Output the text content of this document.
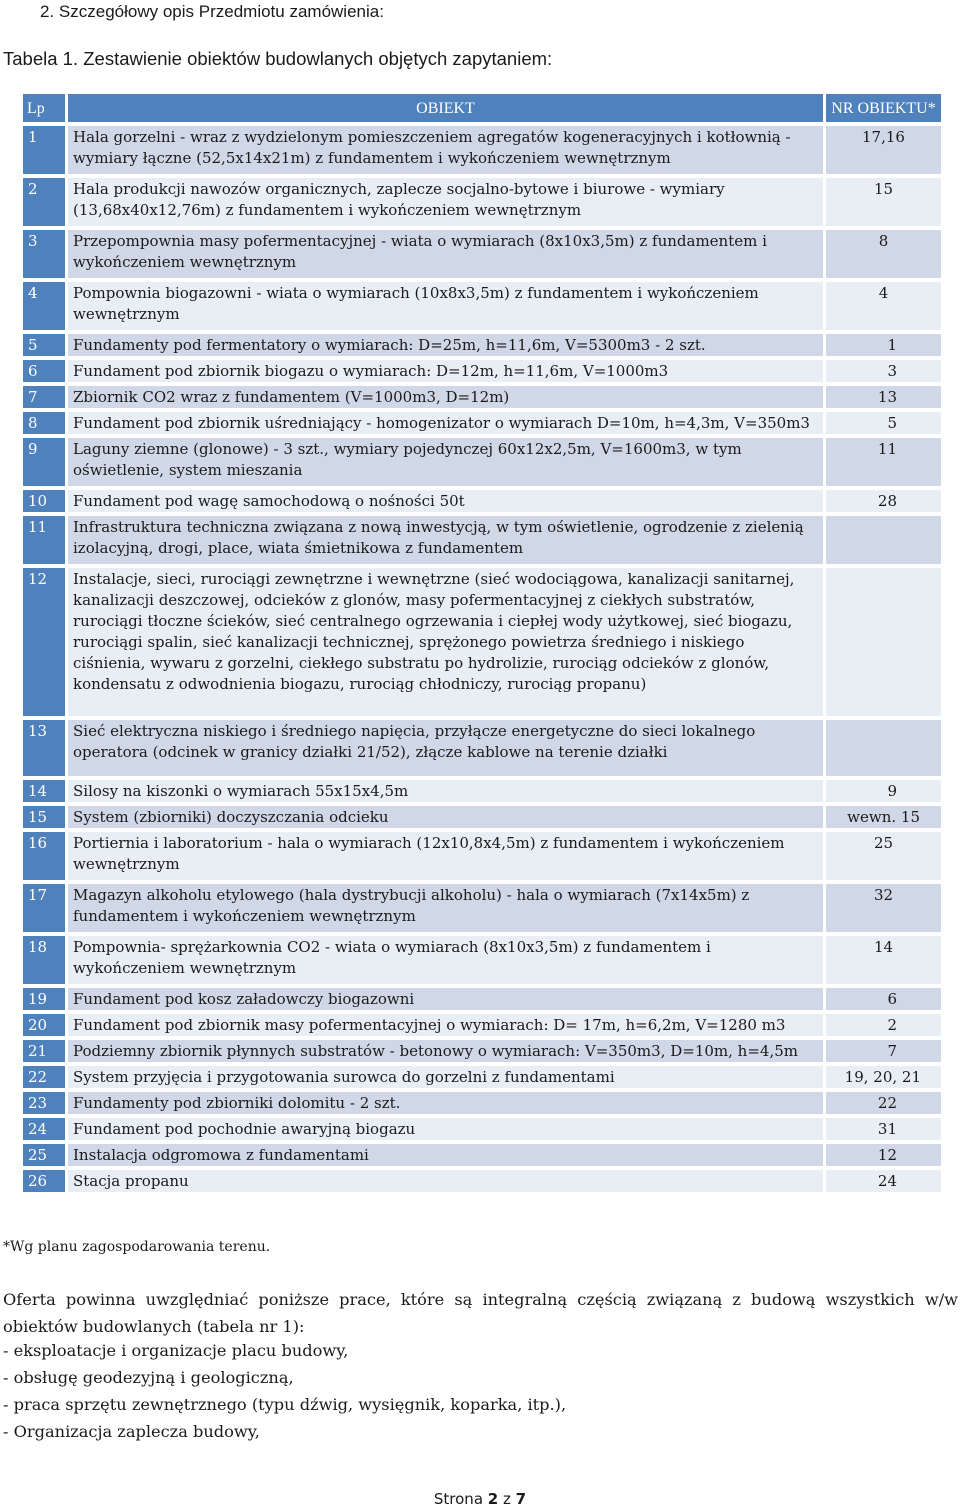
2. Szczegółowy opis Przedmiotu zamówienia:
Tabela 1. Zestawienie obiektów budowlanych objętych zapytaniem:
Lp	OBIEKT	NR OBIEKTU*
1	Hala gorzelni - wraz z wydzielonym pomieszczeniem agregatów kogeneracyjnych i kotłownią - wymiary łączne (52,5x14x21m) z fundamentem i wykończeniem wewnętrznym	17,16
2	Hala produkcji nawozów organicznych, zaplecze socjalno-bytowe i biurowe - wymiary (13,68x40x12,76m) z fundamentem i wykończeniem wewnętrznym	15
3	Przepompownia masy pofermentacyjnej - wiata o wymiarach (8x10x3,5m) z fundamentem i wykończeniem wewnętrznym	8
4	Pompownia biogazowni - wiata o wymiarach (10x8x3,5m) z fundamentem i wykończeniem wewnętrznym	4
5	Fundamenty pod fermentatory o wymiarach: D=25m, h=11,6m, V=5300m3 - 2 szt.	1
6	Fundament pod zbiornik biogazu o wymiarach: D=12m, h=11,6m, V=1000m3	3
7	Zbiornik CO2 wraz z fundamentem (V=1000m3, D=12m)	13
8	Fundament pod zbiornik uśredniający - homogenizator o wymiarach D=10m, h=4,3m, V=350m3	5
9	Laguny ziemne (glonowe) - 3 szt., wymiary pojedynczej 60x12x2,5m, V=1600m3, w tym oświetlenie, system mieszania	11
10	Fundament pod wagę samochodową o nośności 50t	28
11	Infrastruktura techniczna związana z nową inwestycją, w tym oświetlenie, ogrodzenie z zielenią izolacyjną, drogi, place, wiata śmietnikowa z fundamentem	
12	Instalacje, sieci, rurociągi zewnętrzne i wewnętrzne (sieć wodociągowa, kanalizacji sanitarnej, kanalizacji deszczowej, odcieków z glonów, masy pofermentacyjnej z ciekłych substratów, rurociągi tłoczne ścieków, sieć centralnego ogrzewania i ciepłej wody użytkowej, sieć biogazu, rurociągi spalin, sieć kanalizacji technicznej, sprężonego powietrza średniego i niskiego ciśnienia, wywaru z gorzelni, ciekłego substratu po hydrolizie, rurociąg odcieków z glonów, kondensatu z odwodnienia biogazu, rurociąg chłodniczy, rurociąg propanu)	
13	Sieć elektryczna niskiego i średniego napięcia, przyłącze energetyczne do sieci lokalnego operatora (odcinek w granicy działki 21/52), złącze kablowe na terenie działki	
14	Silosy na kiszonki o wymiarach 55x15x4,5m	9
15	System (zbiorniki) doczyszczania odcieku	wewn. 15
16	Portiernia i laboratorium - hala o wymiarach (12x10,8x4,5m) z fundamentem i wykończeniem wewnętrznym	25
17	Magazyn alkoholu etylowego (hala dystrybucji alkoholu) - hala o wymiarach (7x14x5m) z fundamentem i wykończeniem wewnętrznym	32
18	Pompownia- sprężarkownia CO2 - wiata o wymiarach (8x10x3,5m) z fundamentem i wykończeniem wewnętrznym	14
19	Fundament pod kosz załadowczy biogazowni	6
20	Fundament pod zbiornik masy pofermentacyjnej o wymiarach: D= 17m, h=6,2m, V=1280 m3	2
21	Podziemny zbiornik płynnych substratów - betonowy o wymiarach: V=350m3, D=10m, h=4,5m	7
22	System przyjęcia i przygotowania surowca do gorzelni z fundamentami	19, 20, 21
23	Fundamenty pod zbiorniki dolomitu - 2 szt.	22
24	Fundament pod pochodnie awaryjną biogazu	31
25	Instalacja odgromowa z fundamentami	12
26	Stacja propanu	24
*Wg planu zagospodarowania terenu.
Oferta powinna uwzględniać poniższe prace, które są integralną częścią związaną z budową wszystkich w/w obiektów budowlanych (tabela nr 1):
- eksploatacje i organizacje placu budowy,
- obsługę geodezyjną i geologiczną,
- praca sprzętu zewnętrznego (typu dźwig, wysięgnik, koparka, itp.),
- Organizacja zaplecza budowy,
Strona 2 z 7
